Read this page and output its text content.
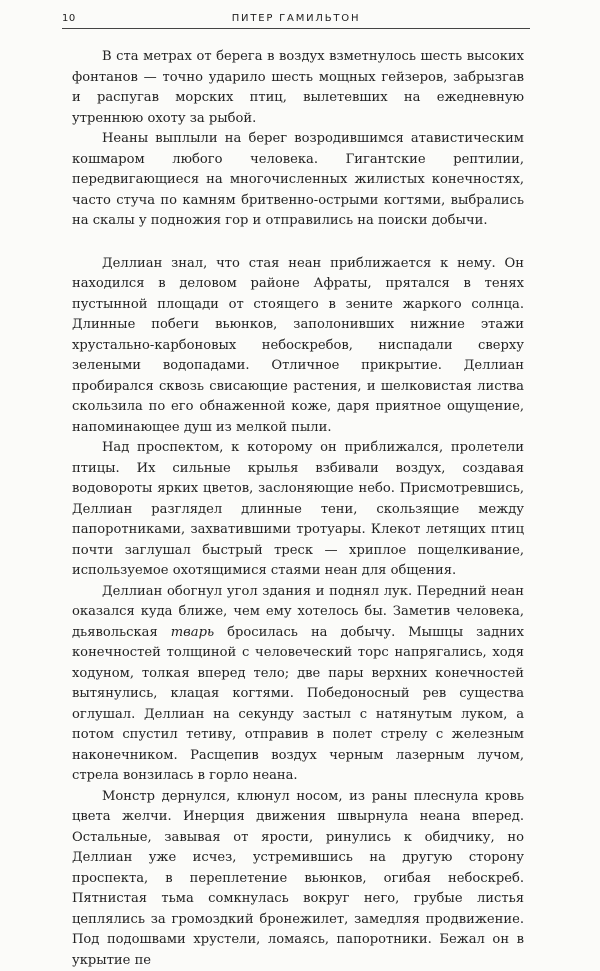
10	ПИТЕР ГАМИЛЬТОН

В ста метрах от берега в воздух взметнулось шесть высоких фонтанов — точно ударило шесть мощных гейзеров, забрызгав и распугав морских птиц, вылетевших на ежедневную утреннюю охоту за рыбой.

Неаны выплыли на берег возродившимся атавистическим кошмаром любого человека. Гигантские рептилии, передвигающиеся на многочисленных жилистых конечностях, часто стуча по камням бритвенно-острыми когтями, выбрались на скалы у подножия гор и отправились на поиски добычи.

Деллиан знал, что стая неан приближается к нему. Он находился в деловом районе Афраты, прятался в тенях пустынной площади от стоящего в зените жаркого солнца. Длинные побеги вьюнков, заполонивших нижние этажи хрустально-карбоновых небоскребов, ниспадали сверху зелеными водопадами. Отличное прикрытие. Деллиан пробирался сквозь свисающие растения, и шелковистая листва скользила по его обнаженной коже, даря приятное ощущение, напоминающее душ из мелкой пыли.

Над проспектом, к которому он приближался, пролетели птицы. Их сильные крылья взбивали воздух, создавая водовороты ярких цветов, заслоняющие небо. Присмотревшись, Деллиан разглядел длинные тени, скользящие между папоротниками, захватившими тротуары. Клекот летящих птиц почти заглушал быстрый треск — хриплое пощелкивание, используемое охотящимися стаями неан для общения.

Деллиан обогнул угол здания и поднял лук. Передний неан оказался куда ближе, чем ему хотелось бы. Заметив человека, дьявольская тварь бросилась на добычу. Мышцы задних конечностей толщиной с человеческий торс напрягались, ходя ходуном, толкая вперед тело; две пары верхних конечностей вытянулись, клацая когтями. Победоносный рев существа оглушал. Деллиан на секунду застыл с натянутым луком, а потом спустил тетиву, отправив в полет стрелу с железным наконечником. Расщепив воздух черным лазерным лучом, стрела вонзилась в горло неана.

Монстр дернулся, клюнул носом, из раны плеснула кровь цвета желчи. Инерция движения швырнула неана вперед. Остальные, завывая от ярости, ринулись к обидчику, но Деллиан уже исчез, устремившись на другую сторону проспекта, в переплетение вьюнков, огибая небоскреб. Пятнистая тьма сомкнулась вокруг него, грубые листья цеплялись за громоздкий бронежилет, замедляя продвижение. Под подошвами хрустели, ломаясь, папоротники. Бежал он в укрытие пе
